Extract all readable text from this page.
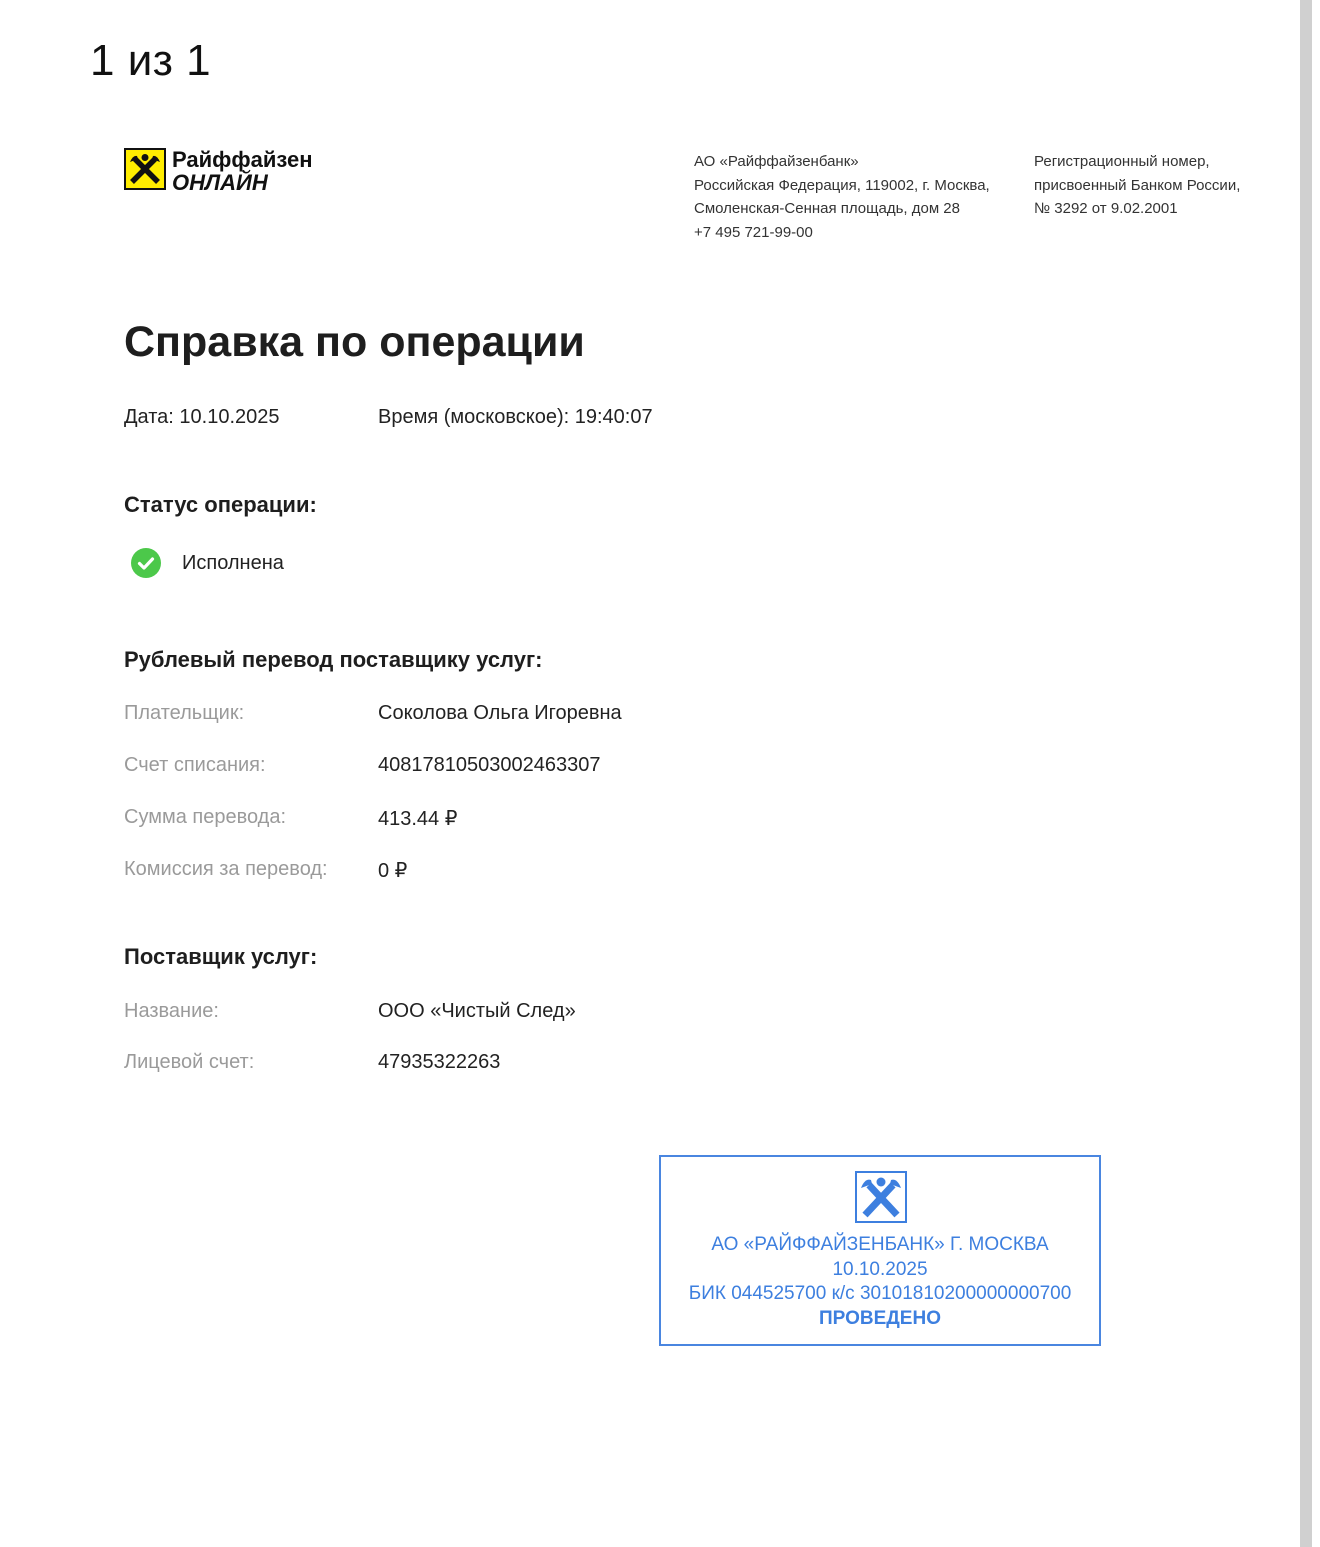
1 из 1
Райффайзен
ОНЛАЙН
АО «Райффайзенбанк»
Российская Федерация, 119002, г. Москва,
Смоленская-Сенная площадь, дом 28
+7 495 721-99-00
Регистрационный номер,
присвоенный Банком России,
№ 3292 от 9.02.2001
Справка по операции
Дата: 10.10.2025	Время (московское): 19:40:07
Статус операции:
Исполнена
Рублевый перевод поставщику услуг:
Плательщик:	Соколова Ольга Игоревна
Счет списания:	40817810503002463307
Сумма перевода:	413.44 ₽
Комиссия за перевод:	0 ₽
Поставщик услуг:
Название:	ООО «Чистый След»
Лицевой счет:	47935322263
АО «РАЙФФАЙЗЕНБАНК» Г. МОСКВА
10.10.2025
БИК 044525700 к/с 30101810200000000700
ПРОВЕДЕНО
